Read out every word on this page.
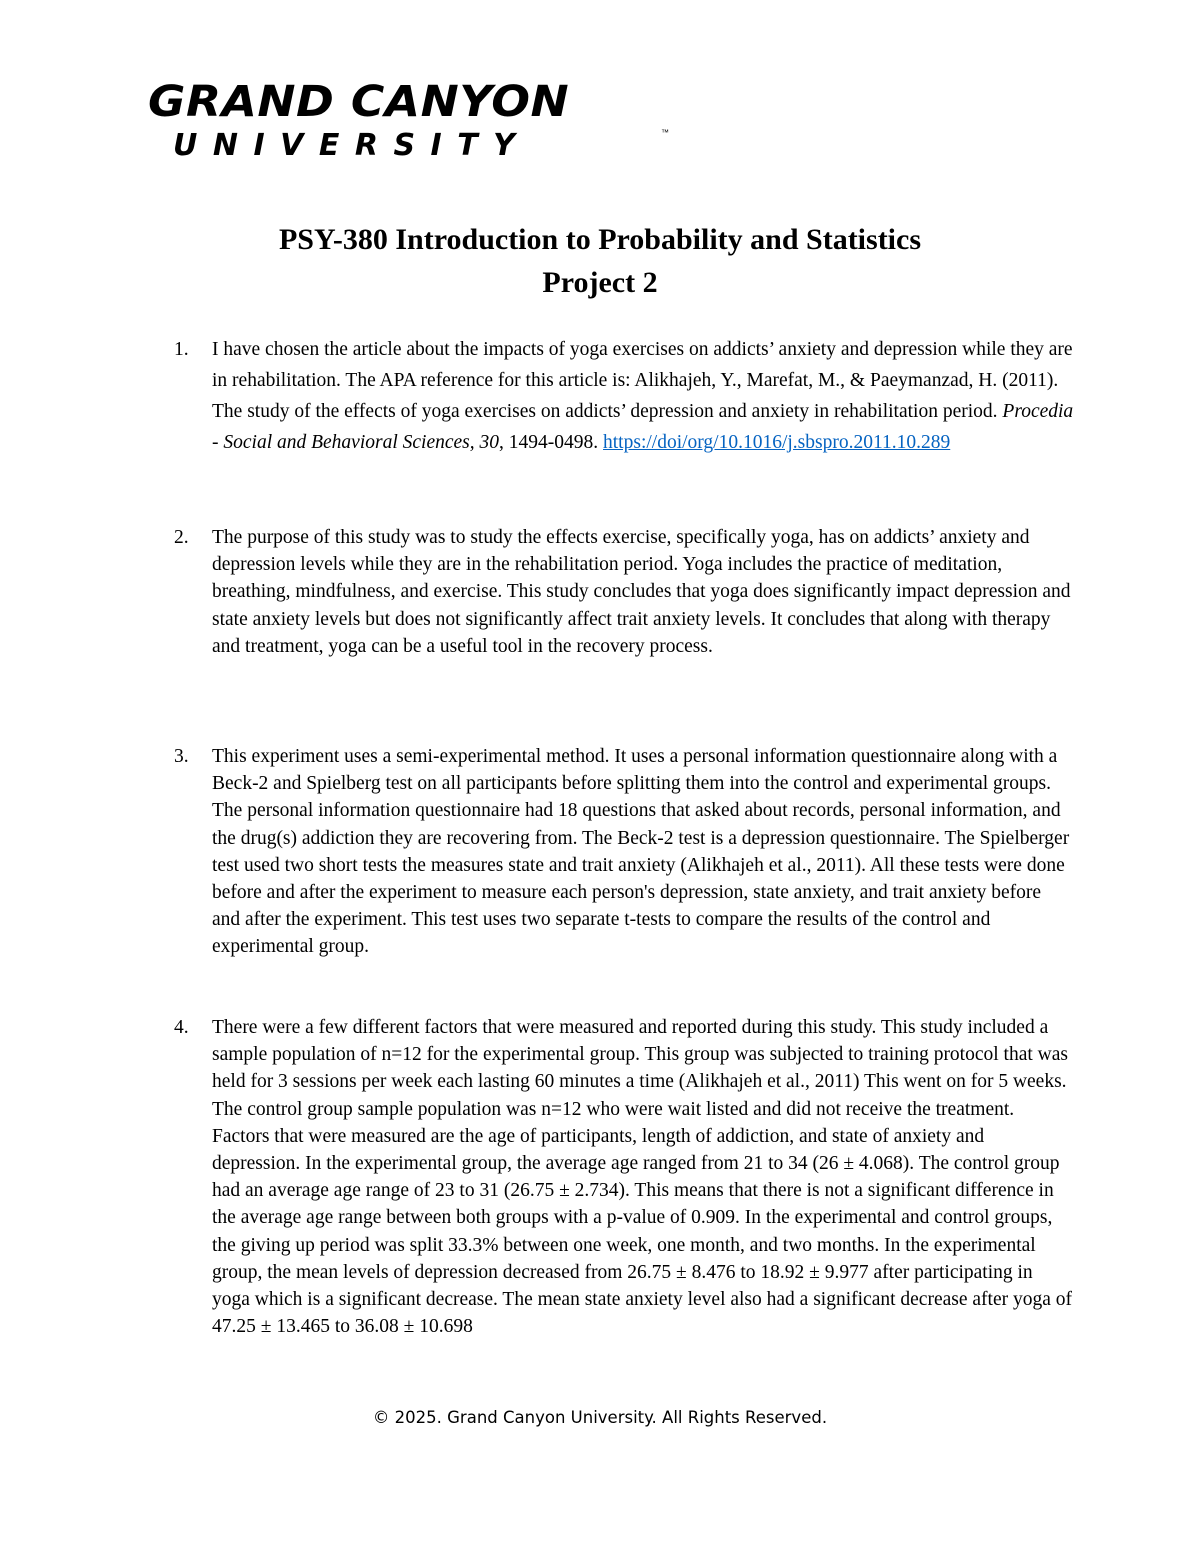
GRAND CANYON
UNIVERSITY	™
PSY-380 Introduction to Probability and Statistics
Project 2
1.	I have chosen the article about the impacts of yoga exercises on addicts’ anxiety and depression while they are in rehabilitation. The APA reference for this article is: Alikhajeh, Y., Marefat, M., & Paeymanzad, H. (2011). The study of the effects of yoga exercises on addicts’ depression and anxiety in rehabilitation period. Procedia - Social and Behavioral Sciences, 30, 1494-0498. https://doi/org/10.1016/j.sbspro.2011.10.289
2.	The purpose of this study was to study the effects exercise, specifically yoga, has on addicts’ anxiety and depression levels while they are in the rehabilitation period. Yoga includes the practice of meditation, breathing, mindfulness, and exercise. This study concludes that yoga does significantly impact depression and state anxiety levels but does not significantly affect trait anxiety levels. It concludes that along with therapy and treatment, yoga can be a useful tool in the recovery process.
3.	This experiment uses a semi-experimental method. It uses a personal information questionnaire along with a Beck-2 and Spielberg test on all participants before splitting them into the control and experimental groups. The personal information questionnaire had 18 questions that asked about records, personal information, and the drug(s) addiction they are recovering from. The Beck-2 test is a depression questionnaire. The Spielberger test used two short tests the measures state and trait anxiety (Alikhajeh et al., 2011). All these tests were done before and after the experiment to measure each person's depression, state anxiety, and trait anxiety before and after the experiment. This test uses two separate t-tests to compare the results of the control and experimental group.
4.	There were a few different factors that were measured and reported during this study. This study included a sample population of n=12 for the experimental group. This group was subjected to training protocol that was held for 3 sessions per week each lasting 60 minutes a time (Alikhajeh et al., 2011) This went on for 5 weeks. The control group sample population was n=12 who were wait listed and did not receive the treatment. Factors that were measured are the age of participants, length of addiction, and state of anxiety and depression. In the experimental group, the average age ranged from 21 to 34 (26 ± 4.068). The control group had an average age range of 23 to 31 (26.75 ± 2.734). This means that there is not a significant difference in the average age range between both groups with a p-value of 0.909. In the experimental and control groups, the giving up period was split 33.3% between one week, one month, and two months. In the experimental group, the mean levels of depression decreased from 26.75 ± 8.476 to 18.92 ± 9.977 after participating in yoga which is a significant decrease. The mean state anxiety level also had a significant decrease after yoga of 47.25 ± 13.465 to 36.08 ± 10.698
© 2025. Grand Canyon University. All Rights Reserved.
